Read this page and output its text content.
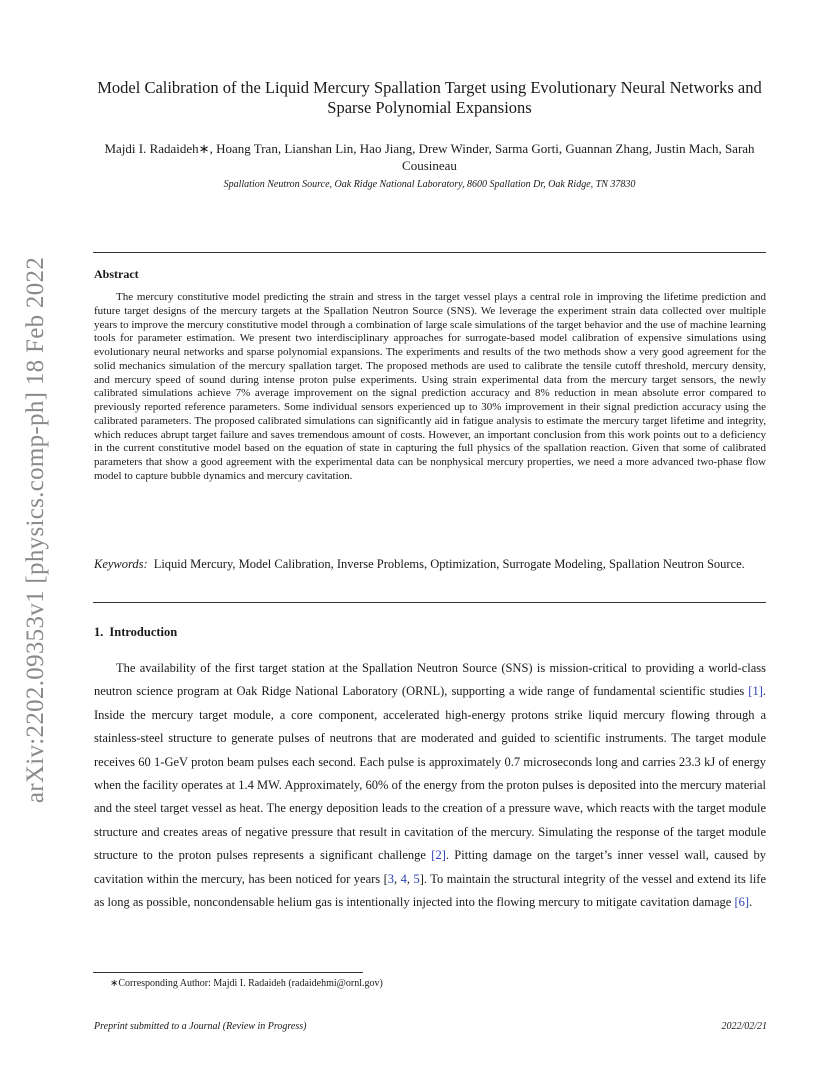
arXiv:2202.09353v1 [physics.comp-ph] 18 Feb 2022
Model Calibration of the Liquid Mercury Spallation Target using Evolutionary Neural Networks and Sparse Polynomial Expansions
Majdi I. Radaideh∗, Hoang Tran, Lianshan Lin, Hao Jiang, Drew Winder, Sarma Gorti, Guannan Zhang, Justin Mach, Sarah Cousineau
Spallation Neutron Source, Oak Ridge National Laboratory, 8600 Spallation Dr, Oak Ridge, TN 37830
Abstract
The mercury constitutive model predicting the strain and stress in the target vessel plays a central role in improving the lifetime prediction and future target designs of the mercury targets at the Spallation Neutron Source (SNS). We leverage the experiment strain data collected over multiple years to improve the mercury constitutive model through a combination of large scale simulations of the target behavior and the use of machine learning tools for parameter estimation. We present two interdisciplinary approaches for surrogate-based model calibration of expensive simulations using evolutionary neural networks and sparse polynomial expansions. The experiments and results of the two methods show a very good agreement for the solid mechanics simulation of the mercury spallation target. The proposed methods are used to calibrate the tensile cutoff threshold, mercury density, and mercury speed of sound during intense proton pulse experiments. Using strain experimental data from the mercury target sensors, the newly calibrated simulations achieve 7% average improvement on the signal prediction accuracy and 8% reduction in mean absolute error compared to previously reported reference parameters. Some individual sensors experienced up to 30% improvement in their signal prediction accuracy using the calibrated parameters. The proposed calibrated simulations can significantly aid in fatigue analysis to estimate the mercury target lifetime and integrity, which reduces abrupt target failure and saves tremendous amount of costs. However, an important conclusion from this work points out to a deficiency in the current constitutive model based on the equation of state in capturing the full physics of the spallation reaction. Given that some of calibrated parameters that show a good agreement with the experimental data can be nonphysical mercury properties, we need a more advanced two-phase flow model to capture bubble dynamics and mercury cavitation.
Keywords: Liquid Mercury, Model Calibration, Inverse Problems, Optimization, Surrogate Modeling, Spallation Neutron Source.
1. Introduction
The availability of the first target station at the Spallation Neutron Source (SNS) is mission-critical to providing a world-class neutron science program at Oak Ridge National Laboratory (ORNL), supporting a wide range of fundamental scientific studies [1]. Inside the mercury target module, a core component, accelerated high-energy protons strike liquid mercury flowing through a stainless-steel structure to generate pulses of neutrons that are moderated and guided to scientific instruments. The target module receives 60 1-GeV proton beam pulses each second. Each pulse is approximately 0.7 microseconds long and carries 23.3 kJ of energy when the facility operates at 1.4 MW. Approximately, 60% of the energy from the proton pulses is deposited into the mercury material and the steel target vessel as heat. The energy deposition leads to the creation of a pressure wave, which reacts with the target module structure and creates areas of negative pressure that result in cavitation of the mercury. Simulating the response of the target module structure to the proton pulses represents a significant challenge [2]. Pitting damage on the target’s inner vessel wall, caused by cavitation within the mercury, has been noticed for years [3, 4, 5]. To maintain the structural integrity of the vessel and extend its life as long as possible, noncondensable helium gas is intentionally injected into the flowing mercury to mitigate cavitation damage [6].
∗Corresponding Author: Majdi I. Radaideh (radaidehmi@ornl.gov)
Preprint submitted to a Journal (Review in Progress)	2022/02/21
